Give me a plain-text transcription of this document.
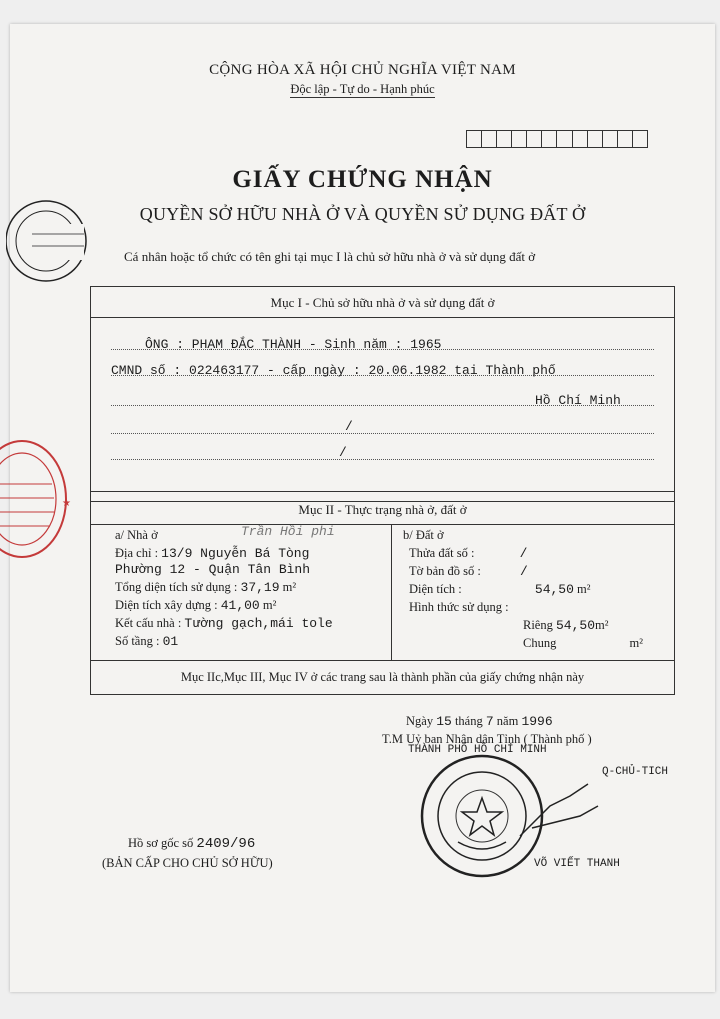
★
CỘNG HÒA XÃ HỘI CHỦ NGHĨA VIỆT NAM
Độc lập - Tự do - Hạnh phúc
GIẤY CHỨNG NHẬN
QUYỀN SỞ HỮU NHÀ Ở VÀ QUYỀN SỬ DỤNG ĐẤT Ở
Cá nhân hoặc tổ chức có tên ghi tại mục I là chủ sở hữu nhà ở và sử dụng đất ở
Mục I - Chủ sở hữu nhà ở và sử dụng đất ở
ÔNG : PHẠM ĐẮC THÀNH - Sinh năm : 1965
CMND số : 022463177 - cấp ngày : 20.06.1982 tại Thành phố
Hồ Chí Minh
/
/
Mục II - Thực trạng nhà ở, đất ở
a/ Nhà ở	Trần Hồi phi
Địa chỉ : 13/9 Nguyễn Bá Tòng
Phường 12 - Quận Tân Bình
Tổng diện tích sử dụng : 37,19 m²
Diện tích xây dựng : 41,00 m²
Kết cấu nhà : Tường gạch,mái tole
Số tầng : 01
b/ Đất ở
Thửa đất số :	/
Tờ bản đồ số :	/
Diện tích :	54,50 m²
Hình thức sử dụng :
Riêng 54,50m²
Chung	m²
Mục IIc,Mục III, Mục IV ở các trang sau là thành phần của giấy chứng nhận này
Ngày 15 tháng 7 năm 1996
T.M Uỷ ban Nhân dân Tỉnh ( Thành phố )
THÀNH PHỐ HỒ CHÍ MINH
Q-CHỦ-TICH
VÕ VIẾT THANH
Hồ sơ gốc số 2409/96
(BẢN CẤP CHO CHỦ SỞ HỮU)
